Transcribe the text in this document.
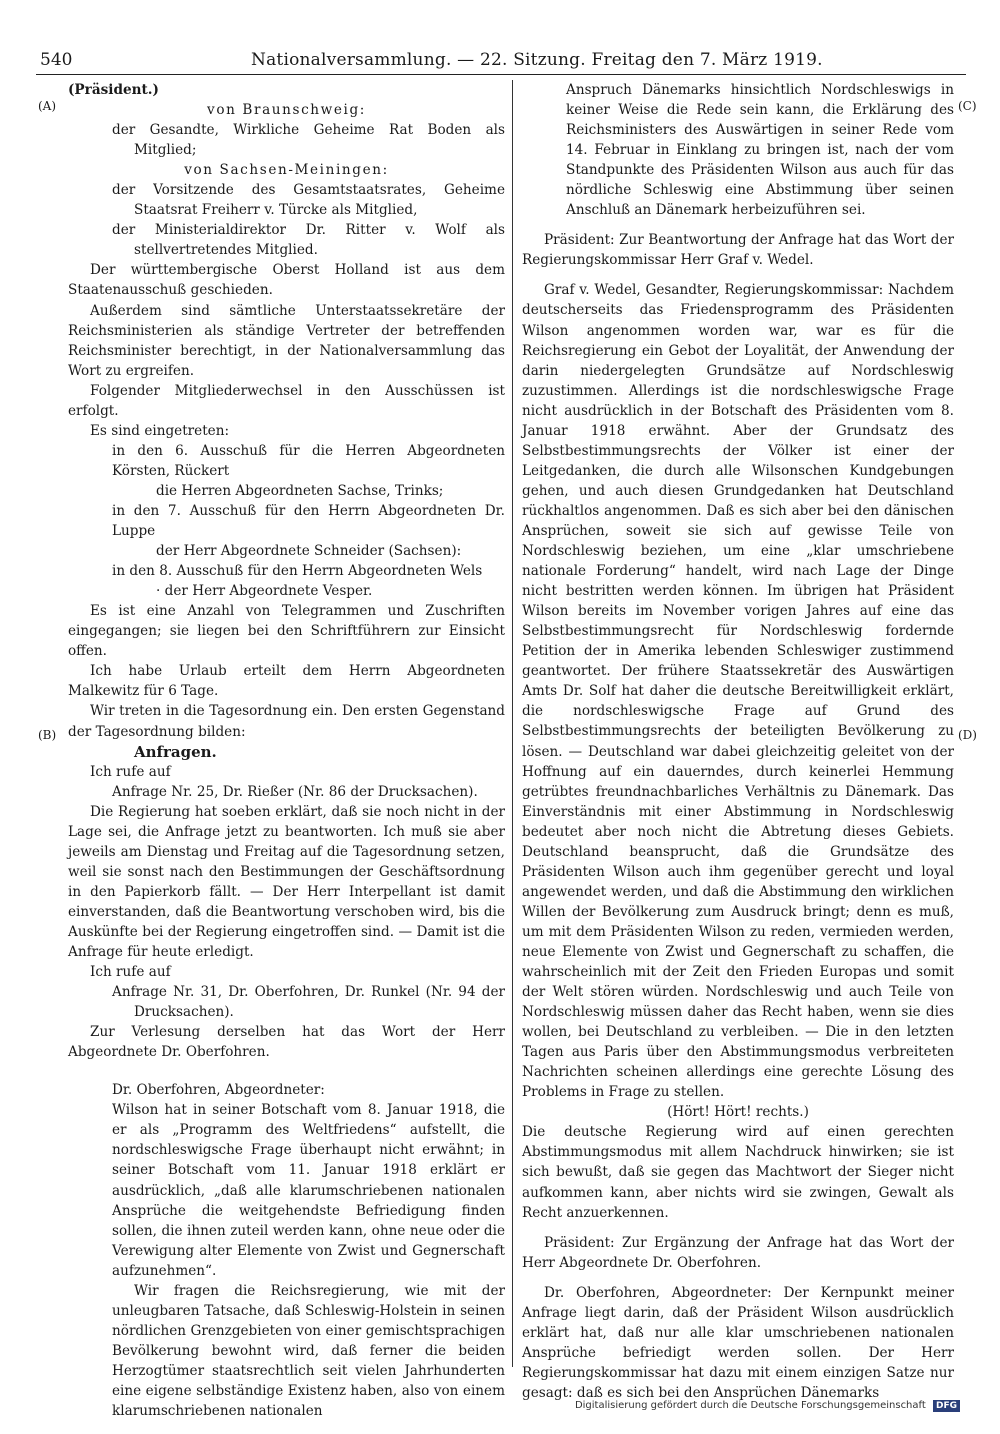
540	Nationalversammlung. — 22. Sitzung. Freitag den 7. März 1919.
(A)
(B)
(C)
(D)

(Präsident.)

von Braunschweig:

der Gesandte, Wirkliche Geheime Rat Boden als Mitglied;

von Sachsen-Meiningen:

der Vorsitzende des Gesamtstaatsrates, Geheime Staatsrat Freiherr v. Türcke als Mitglied,

der Ministerialdirektor Dr. Ritter v. Wolf als stellvertretendes Mitglied.

Der württembergische Oberst Holland ist aus dem Staatenausschuß geschieden.

Außerdem sind sämtliche Unterstaatssekretäre der Reichsministerien als ständige Vertreter der betreffenden Reichsminister berechtigt, in der Nationalversammlung das Wort zu ergreifen.

Folgender Mitgliederwechsel in den Ausschüssen ist erfolgt.

Es sind eingetreten:

in den 6. Ausschuß für die Herren Abgeordneten Körsten, Rückert

die Herren Abgeordneten Sachse, Trinks;

in den 7. Ausschuß für den Herrn Abgeordneten Dr. Luppe

der Herr Abgeordnete Schneider (Sachsen):

in den 8. Ausschuß für den Herrn Abgeordneten Wels

· der Herr Abgeordnete Vesper.

Es ist eine Anzahl von Telegrammen und Zuschriften eingegangen; sie liegen bei den Schriftführern zur Einsicht offen.

Ich habe Urlaub erteilt dem Herrn Abgeordneten Malkewitz für 6 Tage.

Wir treten in die Tagesordnung ein. Den ersten Gegenstand der Tagesordnung bilden:

Anfragen.

Ich rufe auf

Anfrage Nr. 25, Dr. Rießer (Nr. 86 der Drucksachen).

Die Regierung hat soeben erklärt, daß sie noch nicht in der Lage sei, die Anfrage jetzt zu beantworten. Ich muß sie aber jeweils am Dienstag und Freitag auf die Tagesordnung setzen, weil sie sonst nach den Bestimmungen der Geschäftsordnung in den Papierkorb fällt. — Der Herr Interpellant ist damit einverstanden, daß die Beantwortung verschoben wird, bis die Auskünfte bei der Regierung eingetroffen sind. — Damit ist die Anfrage für heute erledigt.

Ich rufe auf

Anfrage Nr. 31, Dr. Oberfohren, Dr. Runkel (Nr. 94 der Drucksachen).

Zur Verlesung derselben hat das Wort der Herr Abgeordnete Dr. Oberfohren.

Dr. Oberfohren, Abgeordneter:

Wilson hat in seiner Botschaft vom 8. Januar 1918, die er als „Programm des Weltfriedens“ aufstellt, die nordschleswigsche Frage überhaupt nicht erwähnt; in seiner Botschaft vom 11. Januar 1918 erklärt er ausdrücklich, „daß alle klarumschriebenen nationalen Ansprüche die weitgehendste Befriedigung finden sollen, die ihnen zuteil werden kann, ohne neue oder die Verewigung alter Elemente von Zwist und Gegnerschaft aufzunehmen“.

Wir fragen die Reichsregierung, wie mit der unleugbaren Tatsache, daß Schleswig-Holstein in seinen nördlichen Grenzgebieten von einer gemischtsprachigen Bevölkerung bewohnt wird, daß ferner die beiden Herzogtümer staatsrechtlich seit vielen Jahrhunderten eine eigene selbständige Existenz haben, also von einem klarumschriebenen nationalen

Anspruch Dänemarks hinsichtlich Nordschleswigs in keiner Weise die Rede sein kann, die Erklärung des Reichsministers des Auswärtigen in seiner Rede vom 14. Februar in Einklang zu bringen ist, nach der vom Standpunkte des Präsidenten Wilson aus auch für das nördliche Schleswig eine Abstimmung über seinen Anschluß an Dänemark herbeizuführen sei.

Präsident: Zur Beantwortung der Anfrage hat das Wort der Regierungskommissar Herr Graf v. Wedel.

Graf v. Wedel, Gesandter, Regierungskommissar: Nachdem deutscherseits das Friedensprogramm des Präsidenten Wilson angenommen worden war, war es für die Reichsregierung ein Gebot der Loyalität, der Anwendung der darin niedergelegten Grundsätze auf Nordschleswig zuzustimmen. Allerdings ist die nordschleswigsche Frage nicht ausdrücklich in der Botschaft des Präsidenten vom 8. Januar 1918 erwähnt. Aber der Grundsatz des Selbstbestimmungsrechts der Völker ist einer der Leitgedanken, die durch alle Wilsonschen Kundgebungen gehen, und auch diesen Grundgedanken hat Deutschland rückhaltlos angenommen. Daß es sich aber bei den dänischen Ansprüchen, soweit sie sich auf gewisse Teile von Nordschleswig beziehen, um eine „klar umschriebene nationale Forderung“ handelt, wird nach Lage der Dinge nicht bestritten werden können. Im übrigen hat Präsident Wilson bereits im November vorigen Jahres auf eine das Selbstbestimmungsrecht für Nordschleswig fordernde Petition der in Amerika lebenden Schleswiger zustimmend geantwortet. Der frühere Staatssekretär des Auswärtigen Amts Dr. Solf hat daher die deutsche Bereitwilligkeit erklärt, die nordschleswigsche Frage auf Grund des Selbstbestimmungsrechts der beteiligten Bevölkerung zu lösen. — Deutschland war dabei gleichzeitig geleitet von der Hoffnung auf ein dauerndes, durch keinerlei Hemmung getrübtes freundnachbarliches Verhältnis zu Dänemark. Das Einverständnis mit einer Abstimmung in Nordschleswig bedeutet aber noch nicht die Abtretung dieses Gebiets. Deutschland beansprucht, daß die Grundsätze des Präsidenten Wilson auch ihm gegenüber gerecht und loyal angewendet werden, und daß die Abstimmung den wirklichen Willen der Bevölkerung zum Ausdruck bringt; denn es muß, um mit dem Präsidenten Wilson zu reden, vermieden werden, neue Elemente von Zwist und Gegnerschaft zu schaffen, die wahrscheinlich mit der Zeit den Frieden Europas und somit der Welt stören würden. Nordschleswig und auch Teile von Nordschleswig müssen daher das Recht haben, wenn sie dies wollen, bei Deutschland zu verbleiben. — Die in den letzten Tagen aus Paris über den Abstimmungsmodus verbreiteten Nachrichten scheinen allerdings eine gerechte Lösung des Problems in Frage zu stellen.

(Hört! Hört! rechts.)

Die deutsche Regierung wird auf einen gerechten Abstimmungsmodus mit allem Nachdruck hinwirken; sie ist sich bewußt, daß sie gegen das Machtwort der Sieger nicht aufkommen kann, aber nichts wird sie zwingen, Gewalt als Recht anzuerkennen.

Präsident: Zur Ergänzung der Anfrage hat das Wort der Herr Abgeordnete Dr. Oberfohren.

Dr. Oberfohren, Abgeordneter: Der Kernpunkt meiner Anfrage liegt darin, daß der Präsident Wilson ausdrücklich erklärt hat, daß nur alle klar umschriebenen nationalen Ansprüche befriedigt werden sollen. Der Herr Regierungskommissar hat dazu mit einem einzigen Satze nur gesagt: daß es sich bei den Ansprüchen Dänemarks

Digitalisierung gefördert durch die Deutsche Forschungsgemeinschaft DFG
